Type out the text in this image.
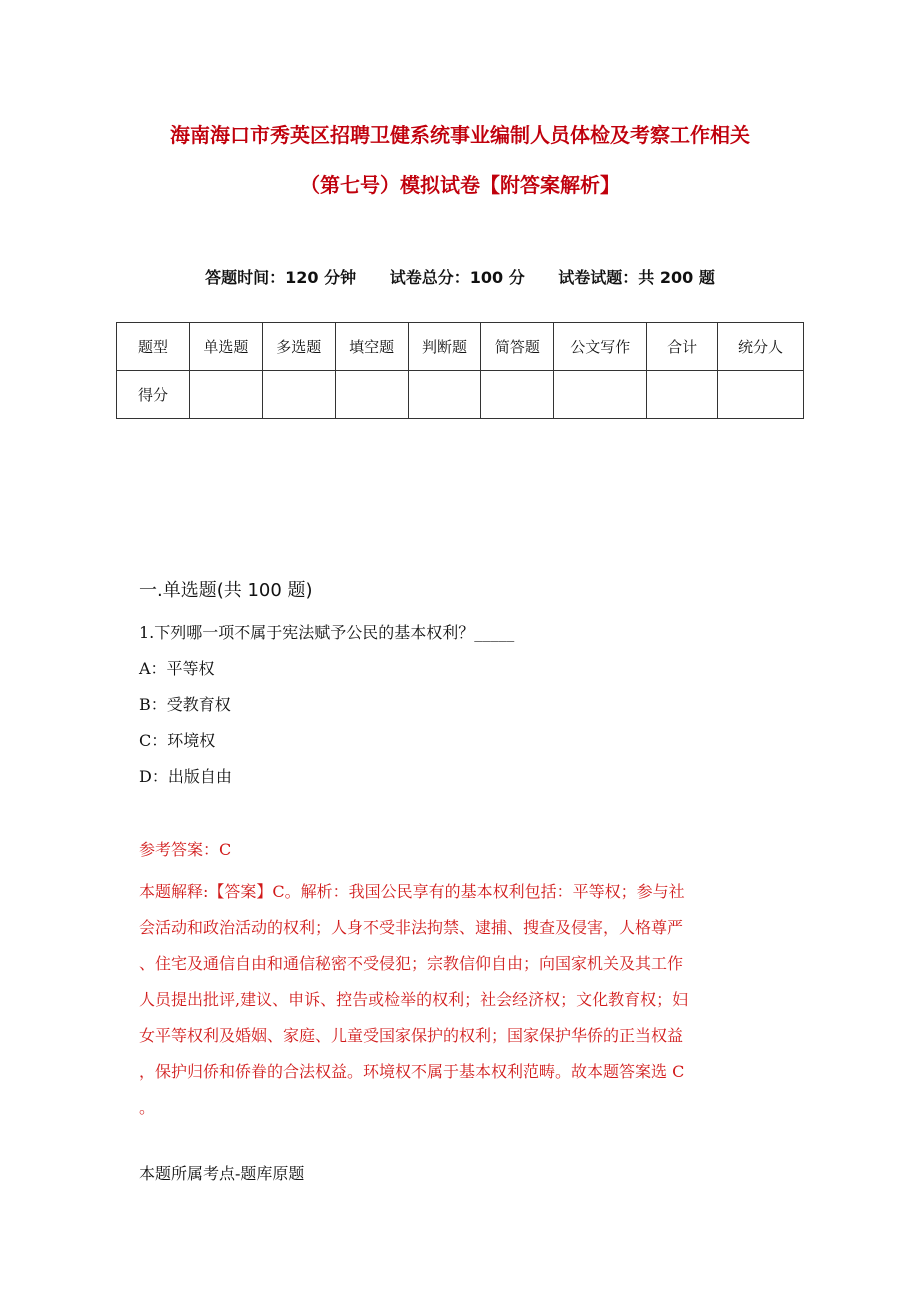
海南海口市秀英区招聘卫健系统事业编制人员体检及考察工作相关
（第七号）模拟试卷【附答案解析】
答题时间：120 分钟 试卷总分：100 分 试卷试题：共 200 题
题型	单选题	多选题	填空题	判断题	简答题	公文写作	合计	统分人
得分								
一.单选题(共 100 题)
1.下列哪一项不属于宪法赋予公民的基本权利？_____
A：平等权
B：受教育权
C：环境权
D：出版自由
参考答案：C
本题解释:【答案】C。解析：我国公民享有的基本权利包括：平等权；参与社
会活动和政治活动的权利；人身不受非法拘禁、逮捕、搜查及侵害，人格尊严
、住宅及通信自由和通信秘密不受侵犯；宗教信仰自由；向国家机关及其工作
人员提出批评,建议、申诉、控告或检举的权利；社会经济权；文化教育权；妇
女平等权利及婚姻、家庭、儿童受国家保护的权利；国家保护华侨的正当权益
，保护归侨和侨眷的合法权益。环境权不属于基本权利范畴。故本题答案选 C
。
本题所属考点-题库原题
